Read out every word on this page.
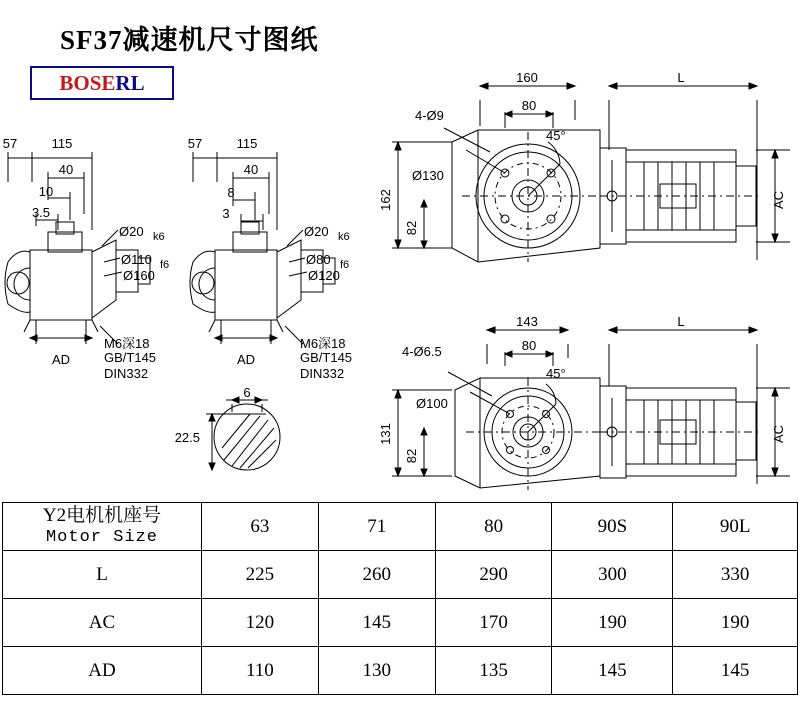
SF37减速机尺寸图纸
BOSERL
57	115
40
10
3.5
Ø20 k6
Ø110 f6
Ø160
AD
M6深18
GB/T145
DIN332
57	115
40
8
3
Ø20 k6
Ø80 f6
Ø120
AD
M6深18
GB/T145
DIN332
6
22.5
160
80
4-Ø9
45°
Ø130
162
82
L
AC
143
80
4-Ø6.5
45°
Ø100
131
82
L
AC
Y2电机机座号
Motor Size	63	71	80	90S	90L
L	225	260	290	300	330
AC	120	145	170	190	190
AD	110	130	135	145	145
